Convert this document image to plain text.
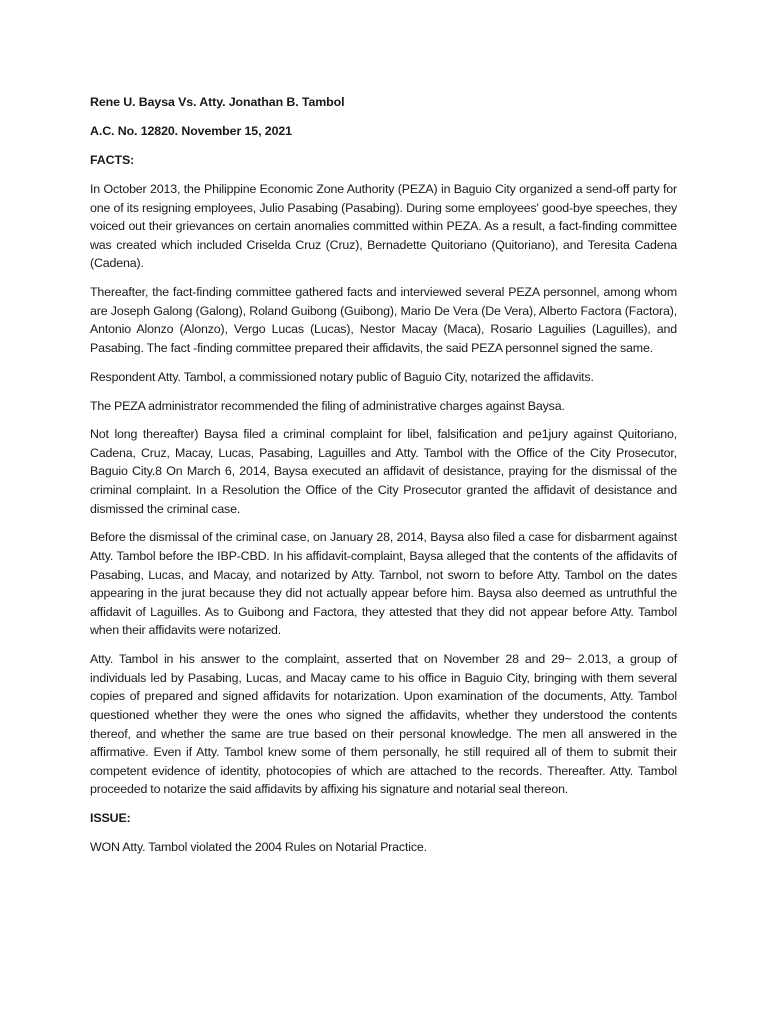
Rene U. Baysa Vs. Atty. Jonathan B. Tambol

A.C. No. 12820. November 15, 2021

FACTS:

In October 2013, the Philippine Economic Zone Authority (PEZA) in Baguio City organized a send-off party for one of its resigning employees, Julio Pasabing (Pasabing). During some employees' good-bye speeches, they voiced out their grievances on certain anomalies committed within PEZA. As a result, a fact-finding committee was created which included Criselda Cruz (Cruz), Bernadette Quitoriano (Quitoriano), and Teresita Cadena (Cadena).

Thereafter, the fact-finding committee gathered facts and interviewed several PEZA personnel, among whom are Joseph Galong (Galong), Roland Guibong (Guibong), Mario De Vera (De Vera), Alberto Factora (Factora), Antonio Alonzo (Alonzo), Vergo Lucas (Lucas), Nestor Macay (Maca), Rosario Laguilies (Laguilles), and Pasabing. The fact -finding committee prepared their affidavits, the said PEZA personnel signed the same.

Respondent Atty. Tambol, a commissioned notary public of Baguio City, notarized the affidavits.

The PEZA administrator recommended the filing of administrative charges against Baysa.

Not long thereafter) Baysa filed a criminal complaint for libel, falsification and pe1jury against Quitoriano, Cadena, Cruz, Macay, Lucas, Pasabing, Laguilles and Atty. Tambol with the Office of the City Prosecutor, Baguio City.8 On March 6, 2014, Baysa executed an affidavit of desistance, praying for the dismissal of the criminal complaint. In a Resolution the Office of the City Prosecutor granted the affidavit of desistance and dismissed the criminal case.

Before the dismissal of the criminal case, on January 28, 2014, Baysa also filed a case for disbarment against Atty. Tambol before the IBP-CBD. In his affidavit-complaint, Baysa alleged that the contents of the affidavits of Pasabing, Lucas, and Macay, and notarized by Atty. Tarnbol, not sworn to before Atty. Tambol on the dates appearing in the jurat because they did not actually appear before him. Baysa also deemed as untruthful the affidavit of Laguilles. As to Guibong and Factora, they attested that they did not appear before Atty. Tambol when their affidavits were notarized.

Atty. Tambol in his answer to the complaint, asserted that on November 28 and 29~ 2.013, a group of individuals led by Pasabing, Lucas, and Macay came to his office in Baguio City, bringing with them several copies of prepared and signed affidavits for notarization. Upon examination of the documents, Atty. Tambol questioned whether they were the ones who signed the affidavits, whether they understood the contents thereof, and whether the same are true based on their personal knowledge. The men all answered in the affirmative. Even if Atty. Tambol knew some of them personally, he still required all of them to submit their competent evidence of identity, photocopies of which are attached to the records. Thereafter. Atty. Tambol proceeded to notarize the said affidavits by affixing his signature and notarial seal thereon.

ISSUE:

WON Atty. Tambol violated the 2004 Rules on Notarial Practice.
